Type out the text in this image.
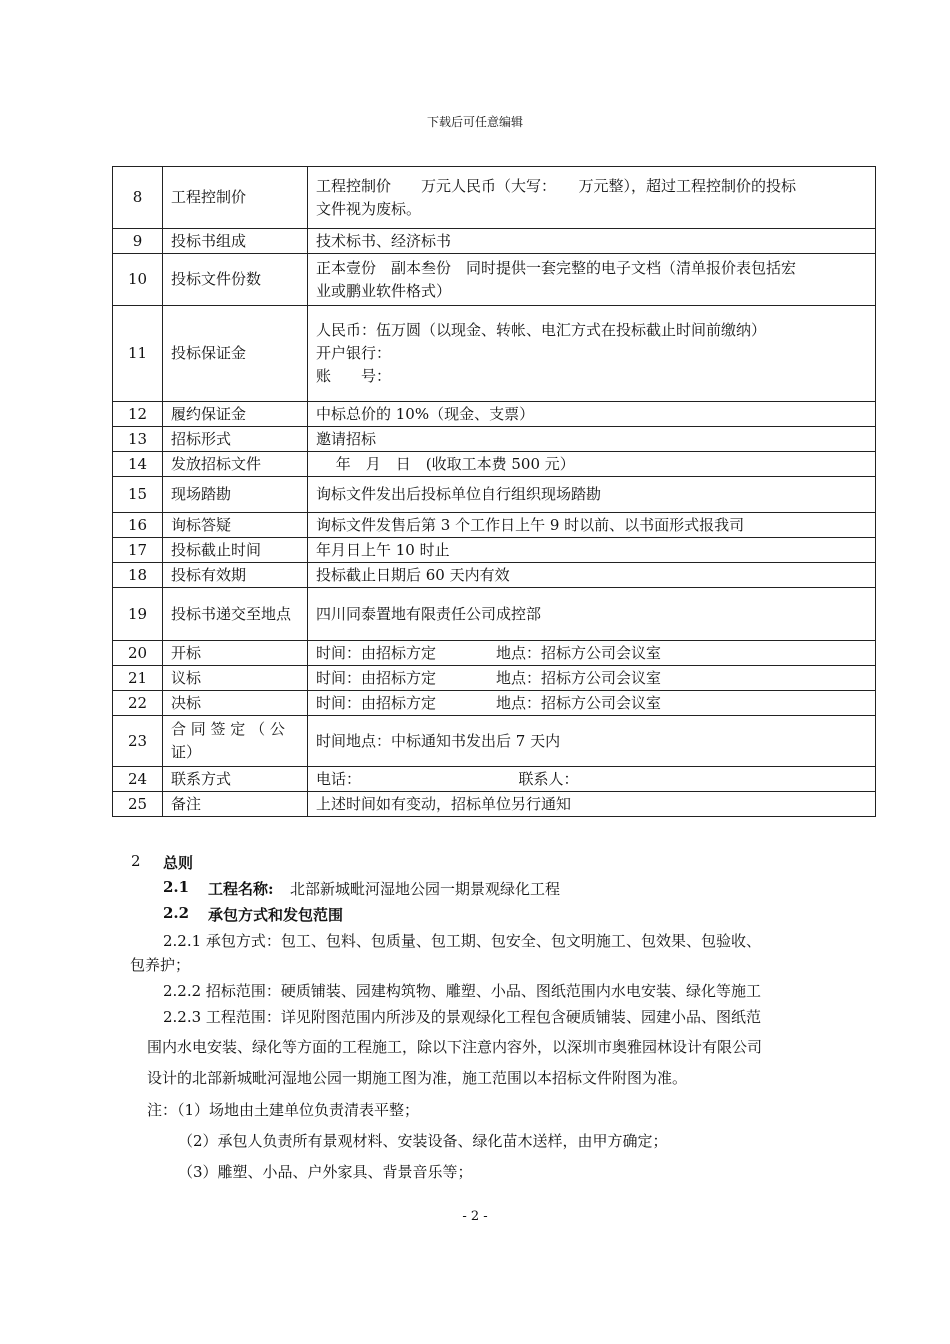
下载后可任意编辑
8	工程控制价	工程控制价　　万元人民币（大写：　　万元整），超过工程控制价的投标
文件视为废标。

9	投标书组成	技术标书、经济标书

10	投标文件份数	正本壹份　副本叁份　同时提供一套完整的电子文档（清单报价表包括宏
业或鹏业软件格式）

11	投标保证金	人民币：伍万圆（以现金、转帐、电汇方式在投标截止时间前缴纳）
开户银行：
账　　号：

12	履约保证金	中标总价的 10%（现金、支票）

13	招标形式	邀请招标

14	发放招标文件	　 年　月　日　(收取工本费 500 元）

15	现场踏勘	询标文件发出后投标单位自行组织现场踏勘

16	询标答疑	询标文件发售后第 3 个工作日上午 9 时以前、以书面形式报我司

17	投标截止时间	年月日上午 10 时止

18	投标有效期	投标截止日期后 60 天内有效

19	投标书递交至地点	四川同泰置地有限责任公司成控部

20	开标	时间：由招标方定　　　　地点：招标方公司会议室

21	议标	时间：由招标方定　　　　地点：招标方公司会议室

22	决标	时间：由招标方定　　　　地点：招标方公司会议室

23	合 同 签 定 （ 公证）	时间地点：中标通知书发出后 7 天内

24	联系方式	电话：　　　　　　　　　　　联系人：

25	备注	上述时间如有变动，招标单位另行通知
2 总则
2.1 工程名称: 北部新城毗河湿地公园一期景观绿化工程
2.2 承包方式和发包范围
2.2.1 承包方式：包工、包料、包质量、包工期、包安全、包文明施工、包效果、包验收、
包养护；
2.2.2 招标范围：硬质铺装、园建构筑物、雕塑、小品、图纸范围内水电安装、绿化等施工
2.2.3 工程范围：详见附图范围内所涉及的景观绿化工程包含硬质铺装、园建小品、图纸范
围内水电安装、绿化等方面的工程施工，除以下注意内容外，以深圳市奥雅园林设计有限公司
设计的北部新城毗河湿地公园一期施工图为准，施工范围以本招标文件附图为准。
注：（1）场地由土建单位负责清表平整；
（2）承包人负责所有景观材料、安装设备、绿化苗木送样，由甲方确定；
（3）雕塑、小品、户外家具、背景音乐等；
- 2 -
